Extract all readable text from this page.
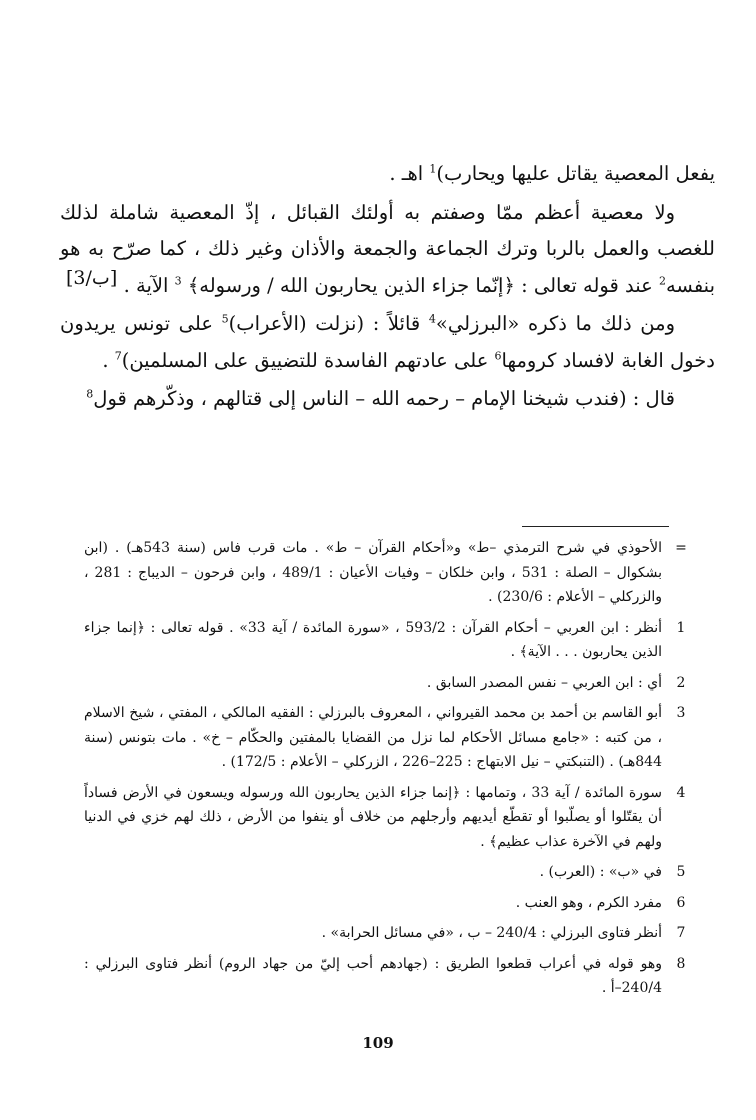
يفعل المعصية يقاتل عليها ويحارب)$^1$ اهـ .

ولا معصية أعظم ممّا وصفتم به أولئك القبائل ، إذّ المعصية شاملة لذلك للغصب والعمل بالربا وترك الجماعة والجمعة والأذان وغير ذلك ، كما صرّح به هو بنفسه$^2$ عند قوله تعالى : ﴿إنّما جزاء الذين يحاربون الله / ورسوله﴾ $^3$ الآية .

ومن ذلك ما ذكره «البرزلي»$^4$ قائلاً : (نزلت (الأعراب)$^5$ على تونس يريدون دخول الغابة لافساد كرومها$^6$ على عادتهم الفاسدة للتضييق على المسلمين)$^7$ .

قال : (فندب شيخنا الإمام – رحمه الله – الناس إلى قتالهم ، وذكّرهم قول$^8$

[ب/3]
=
الأحوذي في شرح الترمذي –ط» و«أحكام القرآن – ط» . مات قرب فاس (سنة 543هـ) . (ابن بشكوال – الصلة : 531 ، وابن خلكان – وفيات الأعيان : 489/1 ، وابن فرحون – الديباج : 281 ، والزركلي – الأعلام : 230/6) .
1
أنظر : ابن العربي – أحكام القرآن : 593/2 ، «سورة المائدة / آية 33» . قوله تعالى : ﴿إنما جزاء الذين يحاربون . . . الآية﴾ .
2
أي : ابن العربي – نفس المصدر السابق .
3
أبو القاسم بن أحمد بن محمد القيرواني ، المعروف بالبرزلي : الفقيه المالكي ، المفتي ، شيخ الاسلام ، من كتبه : «جامع مسائل الأحكام لما نزل من القضايا بالمفتين والحكّام – خ» . مات بتونس (سنة 844هـ) . (التنبكتي – نيل الابتهاج : 225–226 ، الزركلي – الأعلام : 172/5) .
4
سورة المائدة / آية 33 ، وتمامها : ﴿إنما جزاء الذين يحاربون الله ورسوله ويسعون في الأرض فساداً أن يقتّلوا أو يصلّبوا أو تقطّع أيديهم وأرجلهم من خلاف أو ينفوا من الأرض ، ذلك لهم خزي في الدنيا ولهم في الآخرة عذاب عظيم﴾ .
5
في «ب» : (العرب) .
6
مفرد الكرم ، وهو العنب .
7
أنظر فتاوى البرزلي : 240/4 – ب ، «في مسائل الحرابة» .
8
وهو قوله في أعراب قطعوا الطريق : (جهادهم أحب إليّ من جهاد الروم) أنظر فتاوى البرزلي : 240/4–أ .
109
